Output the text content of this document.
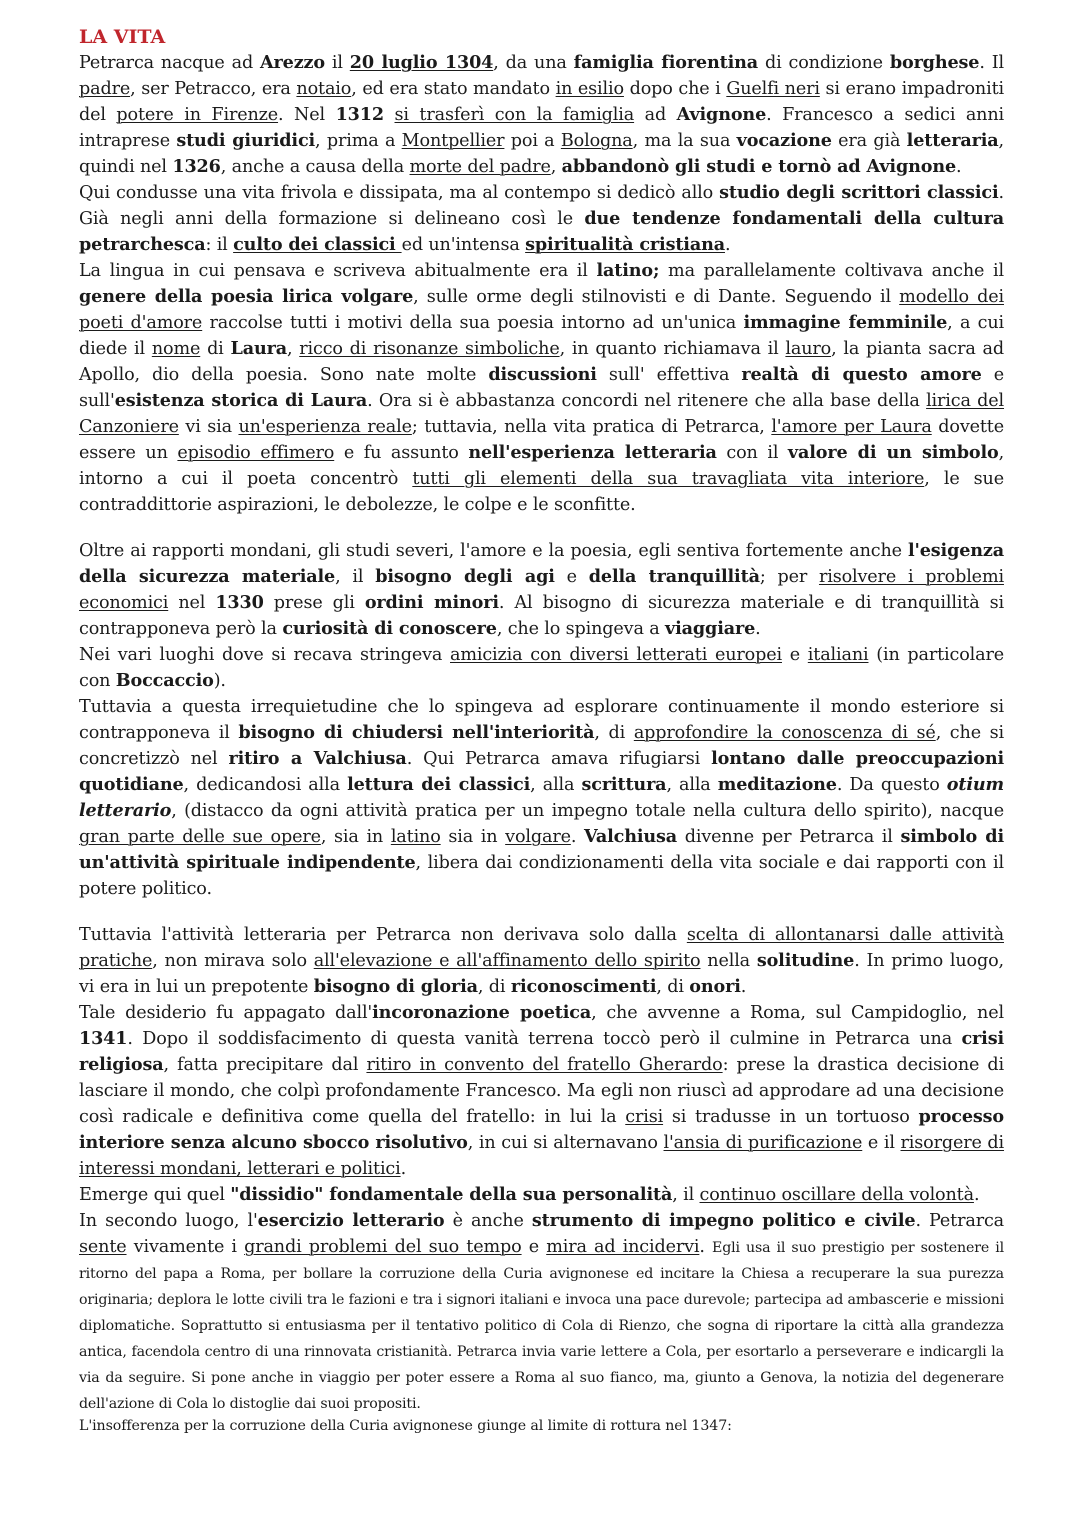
LA VITA

Petrarca nacque ad Arezzo il 20 luglio 1304, da una famiglia fiorentina di condizione borghese. Il padre, ser Petracco, era notaio, ed era stato mandato in esilio dopo che i Guelfi neri si erano impadroniti del potere in Firenze. Nel 1312 si trasferì con la famiglia ad Avignone. Francesco a sedici anni intraprese studi giuridici, prima a Montpellier poi a Bologna, ma la sua vocazione era già letteraria, quindi nel 1326, anche a causa della morte del padre, abbandonò gli studi e tornò ad Avignone.

Qui condusse una vita frivola e dissipata, ma al contempo si dedicò allo studio degli scrittori classici. Già negli anni della formazione si delineano così le due tendenze fondamentali della cultura petrarchesca: il culto dei classici ed un'intensa spiritualità cristiana.

La lingua in cui pensava e scriveva abitualmente era il latino; ma parallelamente coltivava anche il genere della poesia lirica volgare, sulle orme degli stilnovisti e di Dante. Seguendo il modello dei poeti d'amore raccolse tutti i motivi della sua poesia intorno ad un'unica immagine femminile, a cui diede il nome di Laura, ricco di risonanze simboliche, in quanto richiamava il lauro, la pianta sacra ad Apollo, dio della poesia. Sono nate molte discussioni sull' effettiva realtà di questo amore e sull'esistenza storica di Laura. Ora si è abbastanza concordi nel ritenere che alla base della lirica del Canzoniere vi sia un'esperienza reale; tuttavia, nella vita pratica di Petrarca, l'amore per Laura dovette essere un episodio effimero e fu assunto nell'esperienza letteraria con il valore di un simbolo, intorno a cui il poeta concentrò tutti gli elementi della sua travagliata vita interiore, le sue contraddittorie aspirazioni, le debolezze, le colpe e le sconfitte.

Oltre ai rapporti mondani, gli studi severi, l'amore e la poesia, egli sentiva fortemente anche l'esigenza della sicurezza materiale, il bisogno degli agi e della tranquillità; per risolvere i problemi economici nel 1330 prese gli ordini minori. Al bisogno di sicurezza materiale e di tranquillità si contrapponeva però la curiosità di conoscere, che lo spingeva a viaggiare.

Nei vari luoghi dove si recava stringeva amicizia con diversi letterati europei e italiani (in particolare con Boccaccio).

Tuttavia a questa irrequietudine che lo spingeva ad esplorare continuamente il mondo esteriore si contrapponeva il bisogno di chiudersi nell'interiorità, di approfondire la conoscenza di sé, che si concretizzò nel ritiro a Valchiusa. Qui Petrarca amava rifugiarsi lontano dalle preoccupazioni quotidiane, dedicandosi alla lettura dei classici, alla scrittura, alla meditazione. Da questo otium letterario, (distacco da ogni attività pratica per un impegno totale nella cultura dello spirito), nacque gran parte delle sue opere, sia in latino sia in volgare. Valchiusa divenne per Petrarca il simbolo di un'attività spirituale indipendente, libera dai condizionamenti della vita sociale e dai rapporti con il potere politico.

Tuttavia l'attività letteraria per Petrarca non derivava solo dalla scelta di allontanarsi dalle attività pratiche, non mirava solo all'elevazione e all'affinamento dello spirito nella solitudine. In primo luogo, vi era in lui un prepotente bisogno di gloria, di riconoscimenti, di onori.

Tale desiderio fu appagato dall'incoronazione poetica, che avvenne a Roma, sul Campidoglio, nel 1341. Dopo il soddisfacimento di questa vanità terrena toccò però il culmine in Petrarca una crisi religiosa, fatta precipitare dal ritiro in convento del fratello Gherardo: prese la drastica decisione di lasciare il mondo, che colpì profondamente Francesco. Ma egli non riuscì ad approdare ad una decisione così radicale e definitiva come quella del fratello: in lui la crisi si tradusse in un tortuoso processo interiore senza alcuno sbocco risolutivo, in cui si alternavano l'ansia di purificazione e il risorgere di interessi mondani, letterari e politici.

Emerge qui quel "dissidio" fondamentale della sua personalità, il continuo oscillare della volontà.

In secondo luogo, l'esercizio letterario è anche strumento di impegno politico e civile. Petrarca sente vivamente i grandi problemi del suo tempo e mira ad incidervi. Egli usa il suo prestigio per sostenere il ritorno del papa a Roma, per bollare la corruzione della Curia avignonese ed incitare la Chiesa a recuperare la sua purezza originaria; deplora le lotte civili tra le fazioni e tra i signori italiani e invoca una pace durevole; partecipa ad ambascerie e missioni diplomatiche. Soprattutto si entusiasma per il tentativo politico di Cola di Rienzo, che sogna di riportare la città alla grandezza antica, facendola centro di una rinnovata cristianità. Petrarca invia varie lettere a Cola, per esortarlo a perseverare e indicargli la via da seguire. Si pone anche in viaggio per poter essere a Roma al suo fianco, ma, giunto a Genova, la notizia del degenerare dell'azione di Cola lo distoglie dai suoi propositi.

L'insofferenza per la corruzione della Curia avignonese giunge al limite di rottura nel 1347:
